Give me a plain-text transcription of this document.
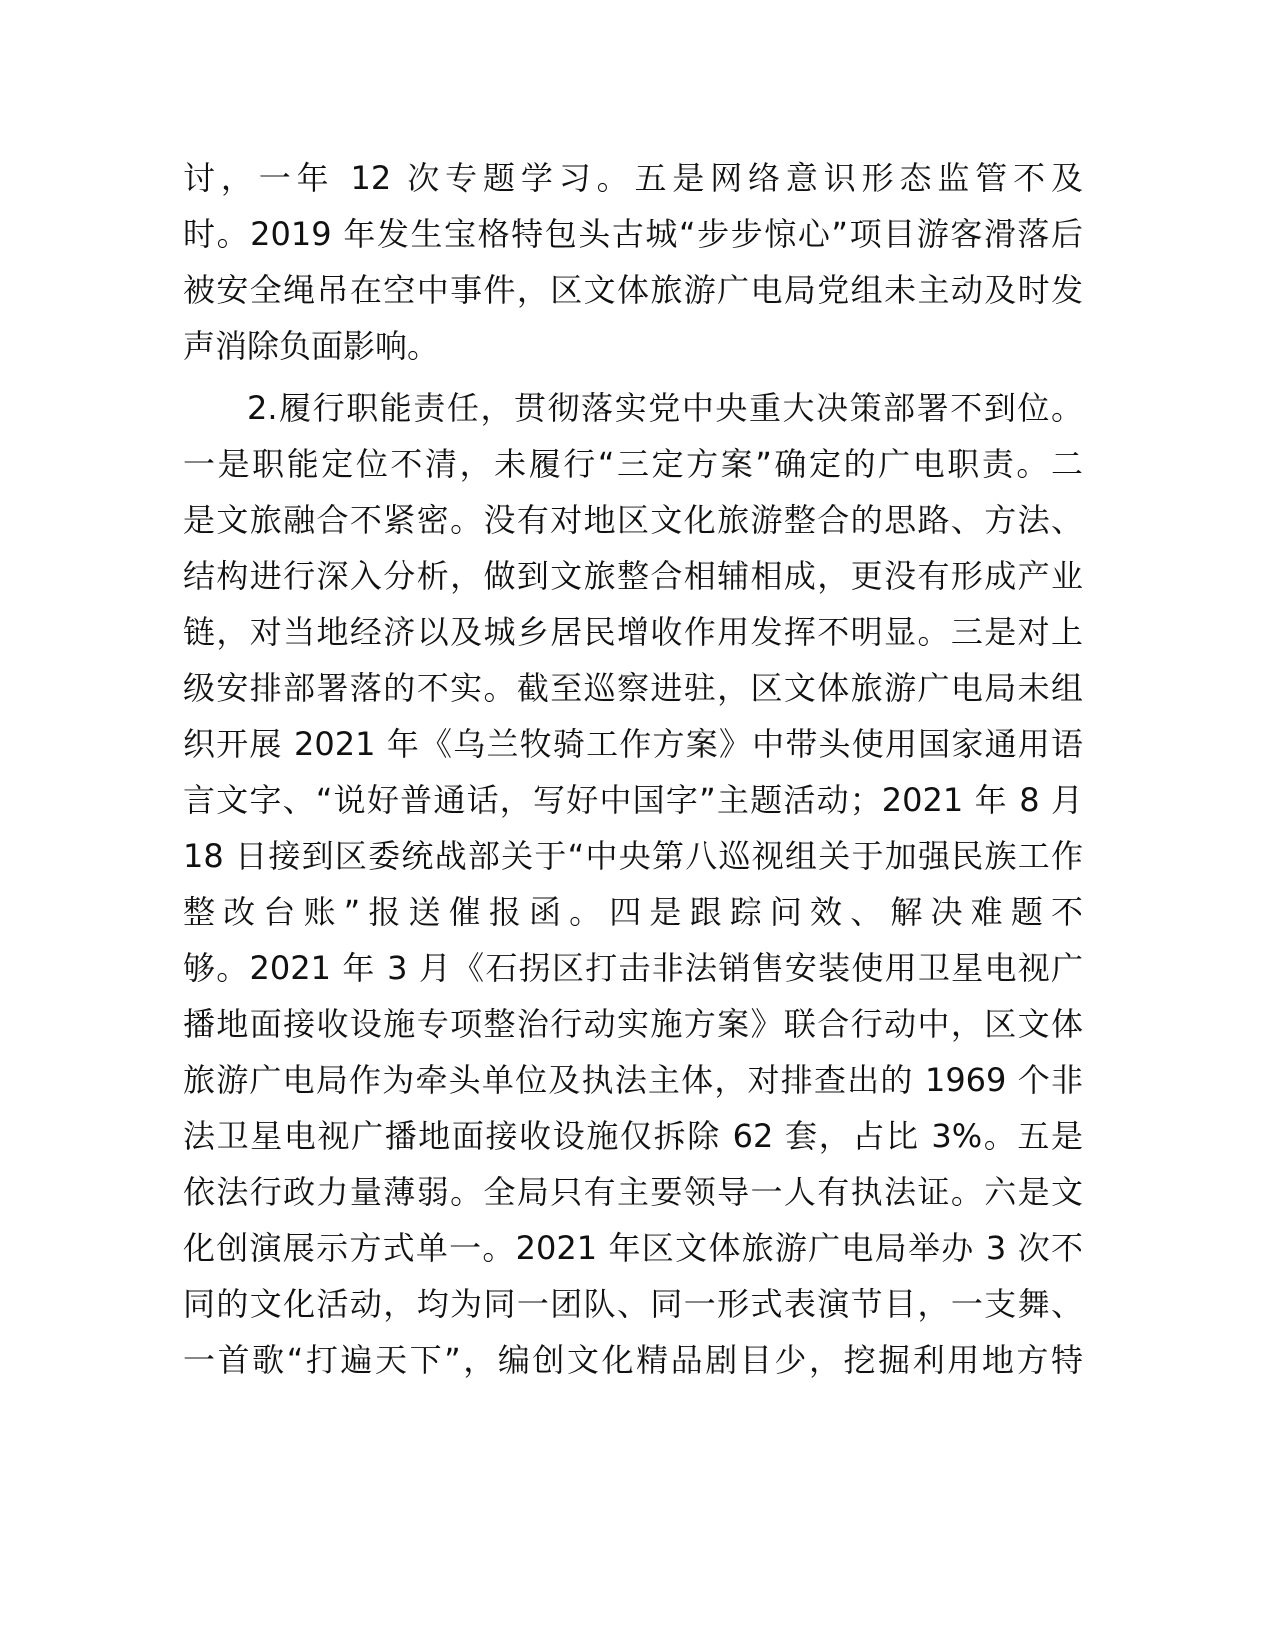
讨，一年 12 次专题学习。五是网络意识形态监管不及
时。2019 年发生宝格特包头古城“步步惊心”项目游客滑落后
被安全绳吊在空中事件，区文体旅游广电局党组未主动及时发
声消除负面影响。
2.履行职能责任，贯彻落实党中央重大决策部署不到位。
一是职能定位不清，未履行“三定方案”确定的广电职责。二
是文旅融合不紧密。没有对地区文化旅游整合的思路、方法、
结构进行深入分析，做到文旅整合相辅相成，更没有形成产业
链，对当地经济以及城乡居民增收作用发挥不明显。三是对上
级安排部署落的不实。截至巡察进驻，区文体旅游广电局未组
织开展 2021 年《乌兰牧骑工作方案》中带头使用国家通用语
言文字、“说好普通话，写好中国字”主题活动；2021 年 8 月
18 日接到区委统战部关于“中央第八巡视组关于加强民族工作
整改台账”报送催报函。四是跟踪问效、解决难题不
够。2021 年 3 月《石拐区打击非法销售安装使用卫星电视广
播地面接收设施专项整治行动实施方案》联合行动中，区文体
旅游广电局作为牵头单位及执法主体，对排查出的 1969 个非
法卫星电视广播地面接收设施仅拆除 62 套，占比 3%。五是
依法行政力量薄弱。全局只有主要领导一人有执法证。六是文
化创演展示方式单一。2021 年区文体旅游广电局举办 3 次不
同的文化活动，均为同一团队、同一形式表演节目，一支舞、
一首歌“打遍天下”，编创文化精品剧目少，挖掘利用地方特
